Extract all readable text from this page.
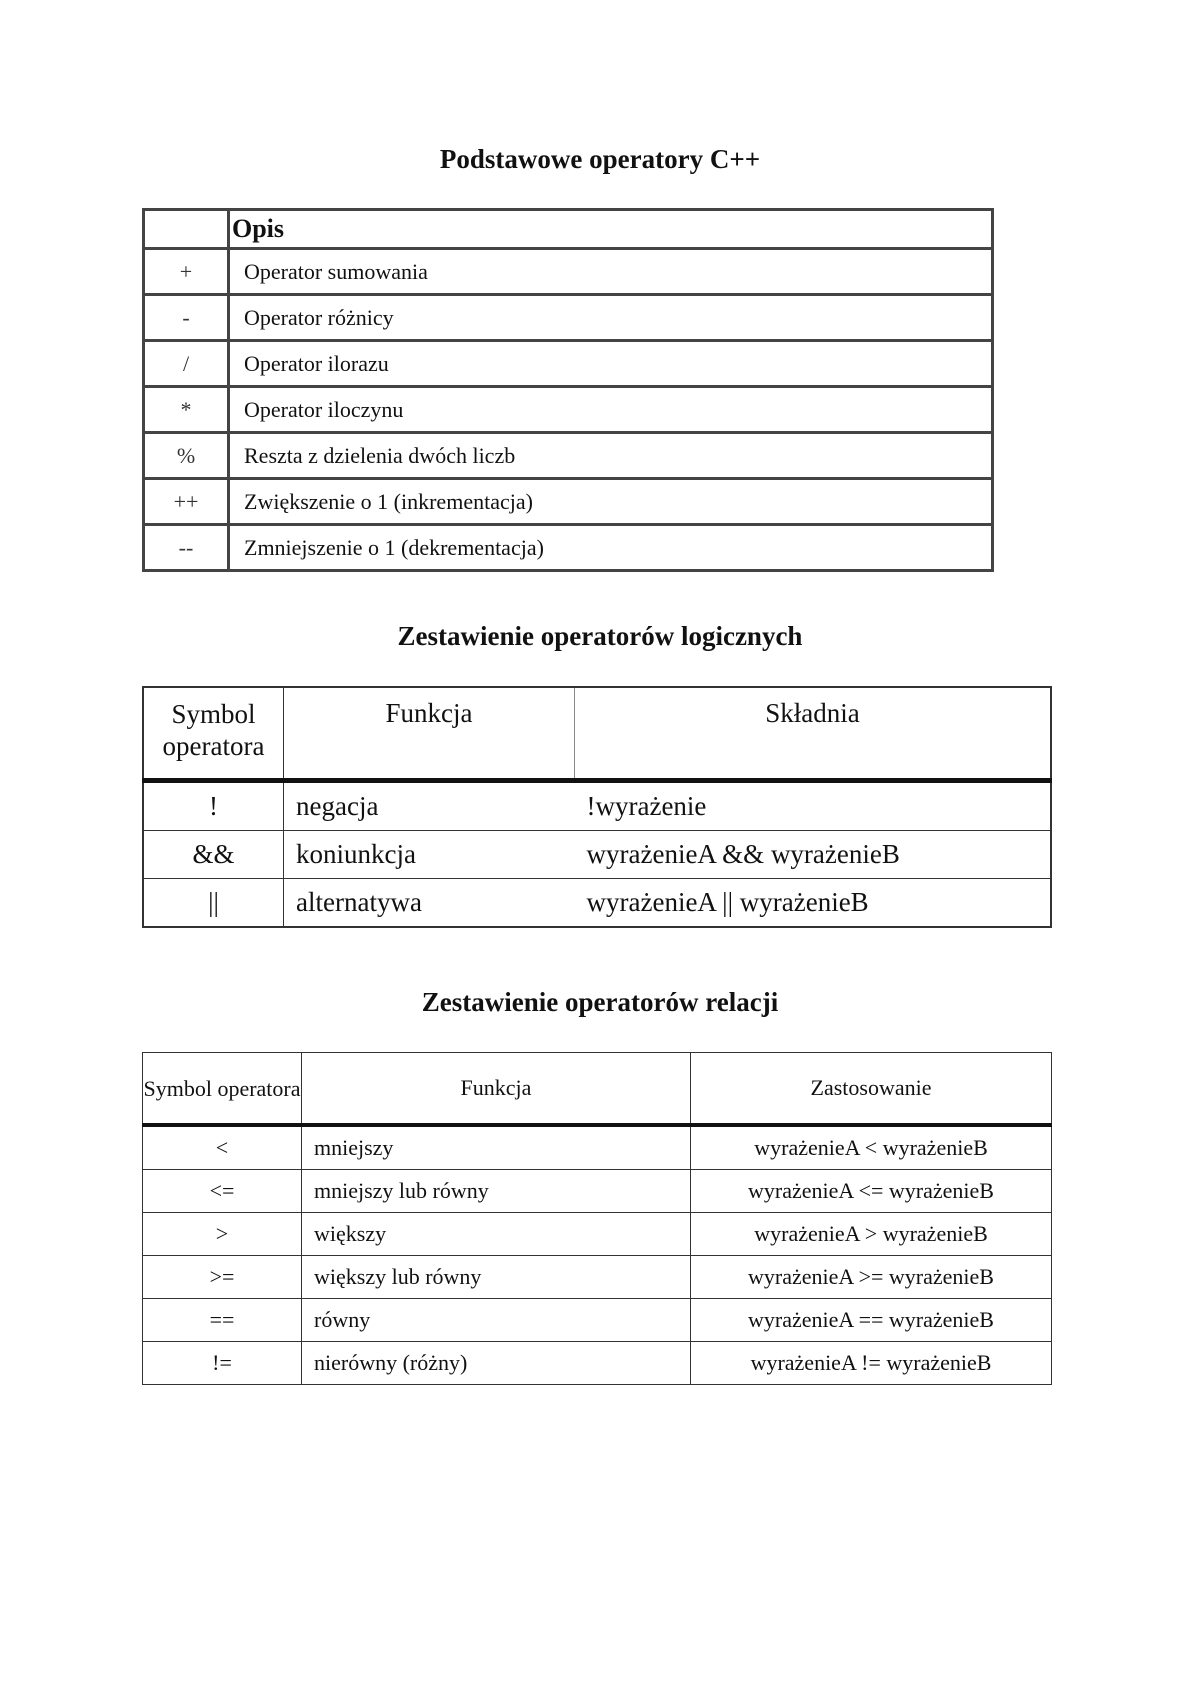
Podstawowe operatory C++
	Opis
+	Operator sumowania
-	Operator różnicy
/	Operator ilorazu
*	Operator iloczynu
%	Reszta z dzielenia dwóch liczb
++	Zwiększenie o 1 (inkrementacja)
--	Zmniejszenie o 1 (dekrementacja)
Zestawienie operatorów logicznych
Symbol operatora	Funkcja	Składnia
!	negacja	!wyrażenie
&&	koniunkcja	wyrażenieA && wyrażenieB
||	alternatywa	wyrażenieA || wyrażenieB
Zestawienie operatorów relacji
Symbol operatora	Funkcja	Zastosowanie
<	mniejszy	wyrażenieA < wyrażenieB
<=	mniejszy lub równy	wyrażenieA <= wyrażenieB
>	większy	wyrażenieA > wyrażenieB
>=	większy lub równy	wyrażenieA >= wyrażenieB
==	równy	wyrażenieA == wyrażenieB
!=	nierówny (różny)	wyrażenieA != wyrażenieB
